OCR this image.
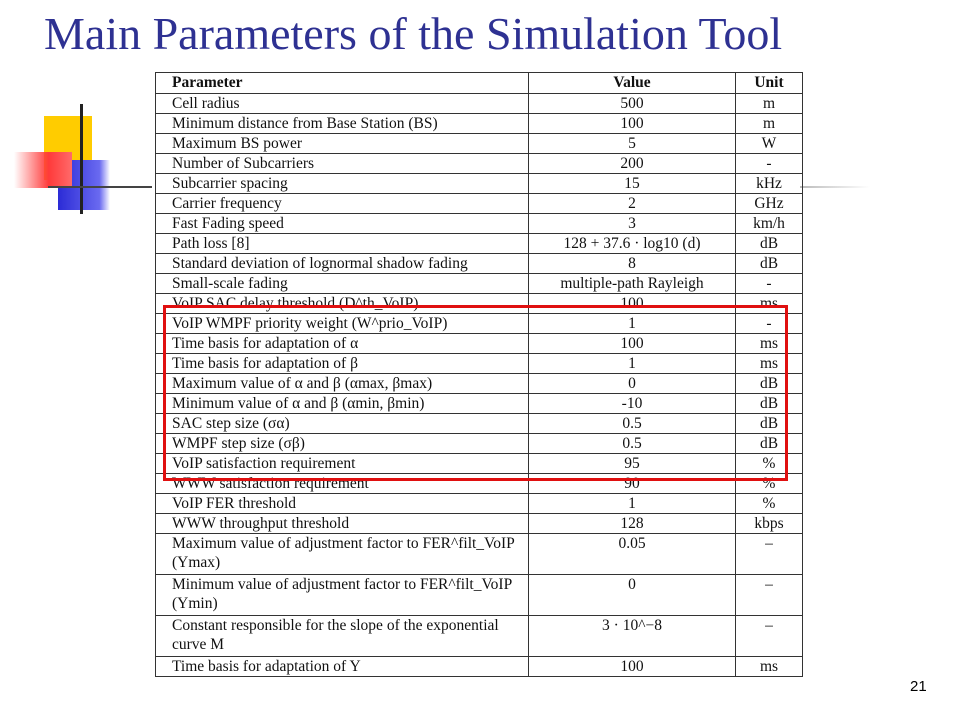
Main Parameters of the Simulation Tool
Parameter	Value	Unit
Cell radius	500	m
Minimum distance from Base Station (BS)	100	m
Maximum BS power	5	W
Number of Subcarriers	200	-
Subcarrier spacing	15	kHz
Carrier frequency	2	GHz
Fast Fading speed	3	km/h
Path loss [8]	128 + 37.6 · log10 (d)	dB
Standard deviation of lognormal shadow fading	8	dB
Small-scale fading	multiple-path Rayleigh	-
VoIP SAC delay threshold (D^th_VoIP)	100	ms
VoIP WMPF priority weight (W^prio_VoIP)	1	-
Time basis for adaptation of α	100	ms
Time basis for adaptation of β	1	ms
Maximum value of α and β (αmax, βmax)	0	dB
Minimum value of α and β (αmin, βmin)	-10	dB
SAC step size (σα)	0.5	dB
WMPF step size (σβ)	0.5	dB
VoIP satisfaction requirement	95	%
WWW satisfaction requirement	90	%
VoIP FER threshold	1	%
WWW throughput threshold	128	kbps
Maximum value of adjustment factor to FER^filt_VoIP (Ymax)	0.05	–
Minimum value of adjustment factor to FER^filt_VoIP (Ymin)	0	–
Constant responsible for the slope of the exponential curve M	3 · 10^−8	–
Time basis for adaptation of Y	100	ms
21
